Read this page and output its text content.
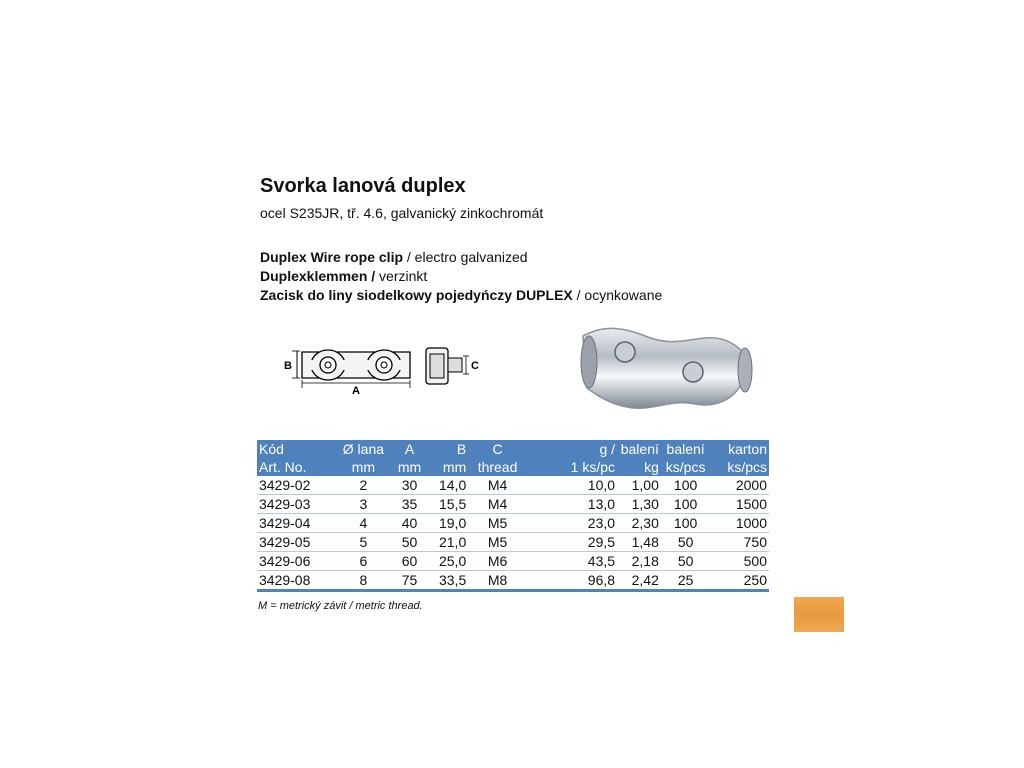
Svorka lanová duplex
ocel S235JR, tř. 4.6, galvanický zinkochromát
Duplex Wire rope clip / electro galvanized
Duplexklemmen / verzinkt
Zacisk do liny siodelkowy pojedyńczy DUPLEX / ocynkowane
B
A
C
Kód	Ø lana	A	B	C	g /	balení	balení	karton
Art. No.	mm	mm	mm	thread	1 ks/pc	kg	ks/pcs	ks/pcs
3429-02	2	30	14,0	M4	10,0	1,00	100	2000
3429-03	3	35	15,5	M4	13,0	1,30	100	1500
3429-04	4	40	19,0	M5	23,0	2,30	100	1000
3429-05	5	50	21,0	M5	29,5	1,48	50	750
3429-06	6	60	25,0	M6	43,5	2,18	50	500
3429-08	8	75	33,5	M8	96,8	2,42	25	250
M = metrický závit / metric thread.
